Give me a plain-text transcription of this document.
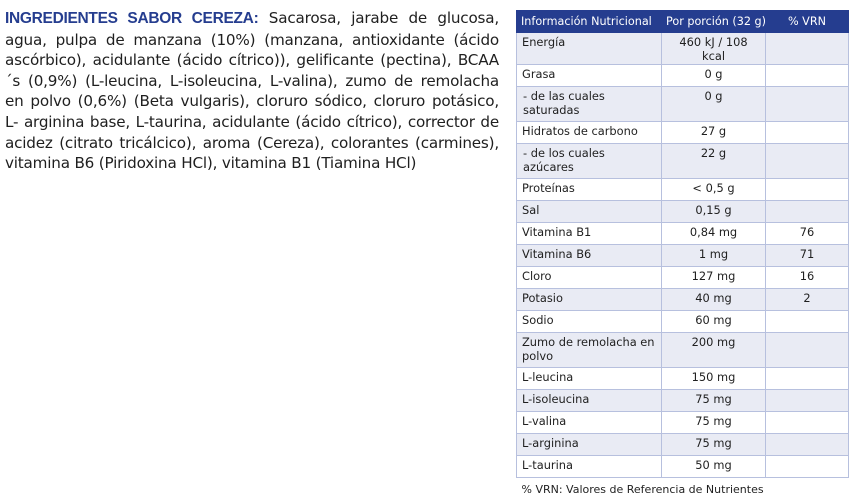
INGREDIENTES SABOR CEREZA: Sacarosa, jarabe de glucosa, agua, pulpa de manzana (10%) (manzana, antioxidante (ácido ascórbico), acidulante (ácido cítrico)), gelificante (pectina), BCAA´s (0,9%) (L-leucina, L-isoleucina, L-valina), zumo de remolacha en polvo (0,6%) (Beta vulgaris), cloruro sódico, cloruro potásico, L- arginina base, L-taurina, acidulante (ácido cítrico), corrector de acidez (citrato tricálcico), aroma (Cereza), colorantes (carmines), vitamina B6 (Piridoxina HCl), vitamina B1 (Tiamina HCl)
Información Nutricional	Por porción (32 g)	% VRN
Energía	460 kJ / 108 kcal	
Grasa	0 g	
- de las cuales saturadas	0 g	
Hidratos de carbono	27 g	
- de los cuales azúcares	22 g	
Proteínas	< 0,5 g	
Sal	0,15 g	
Vitamina B1	0,84 mg	76
Vitamina B6	1 mg	71
Cloro	127 mg	16
Potasio	40 mg	2
Sodio	60 mg	
Zumo de remolacha en polvo	200 mg	
L-leucina	150 mg	
L-isoleucina	75 mg	
L-valina	75 mg	
L-arginina	75 mg	
L-taurina	50 mg	
% VRN: Valores de Referencia de Nutrientes		
